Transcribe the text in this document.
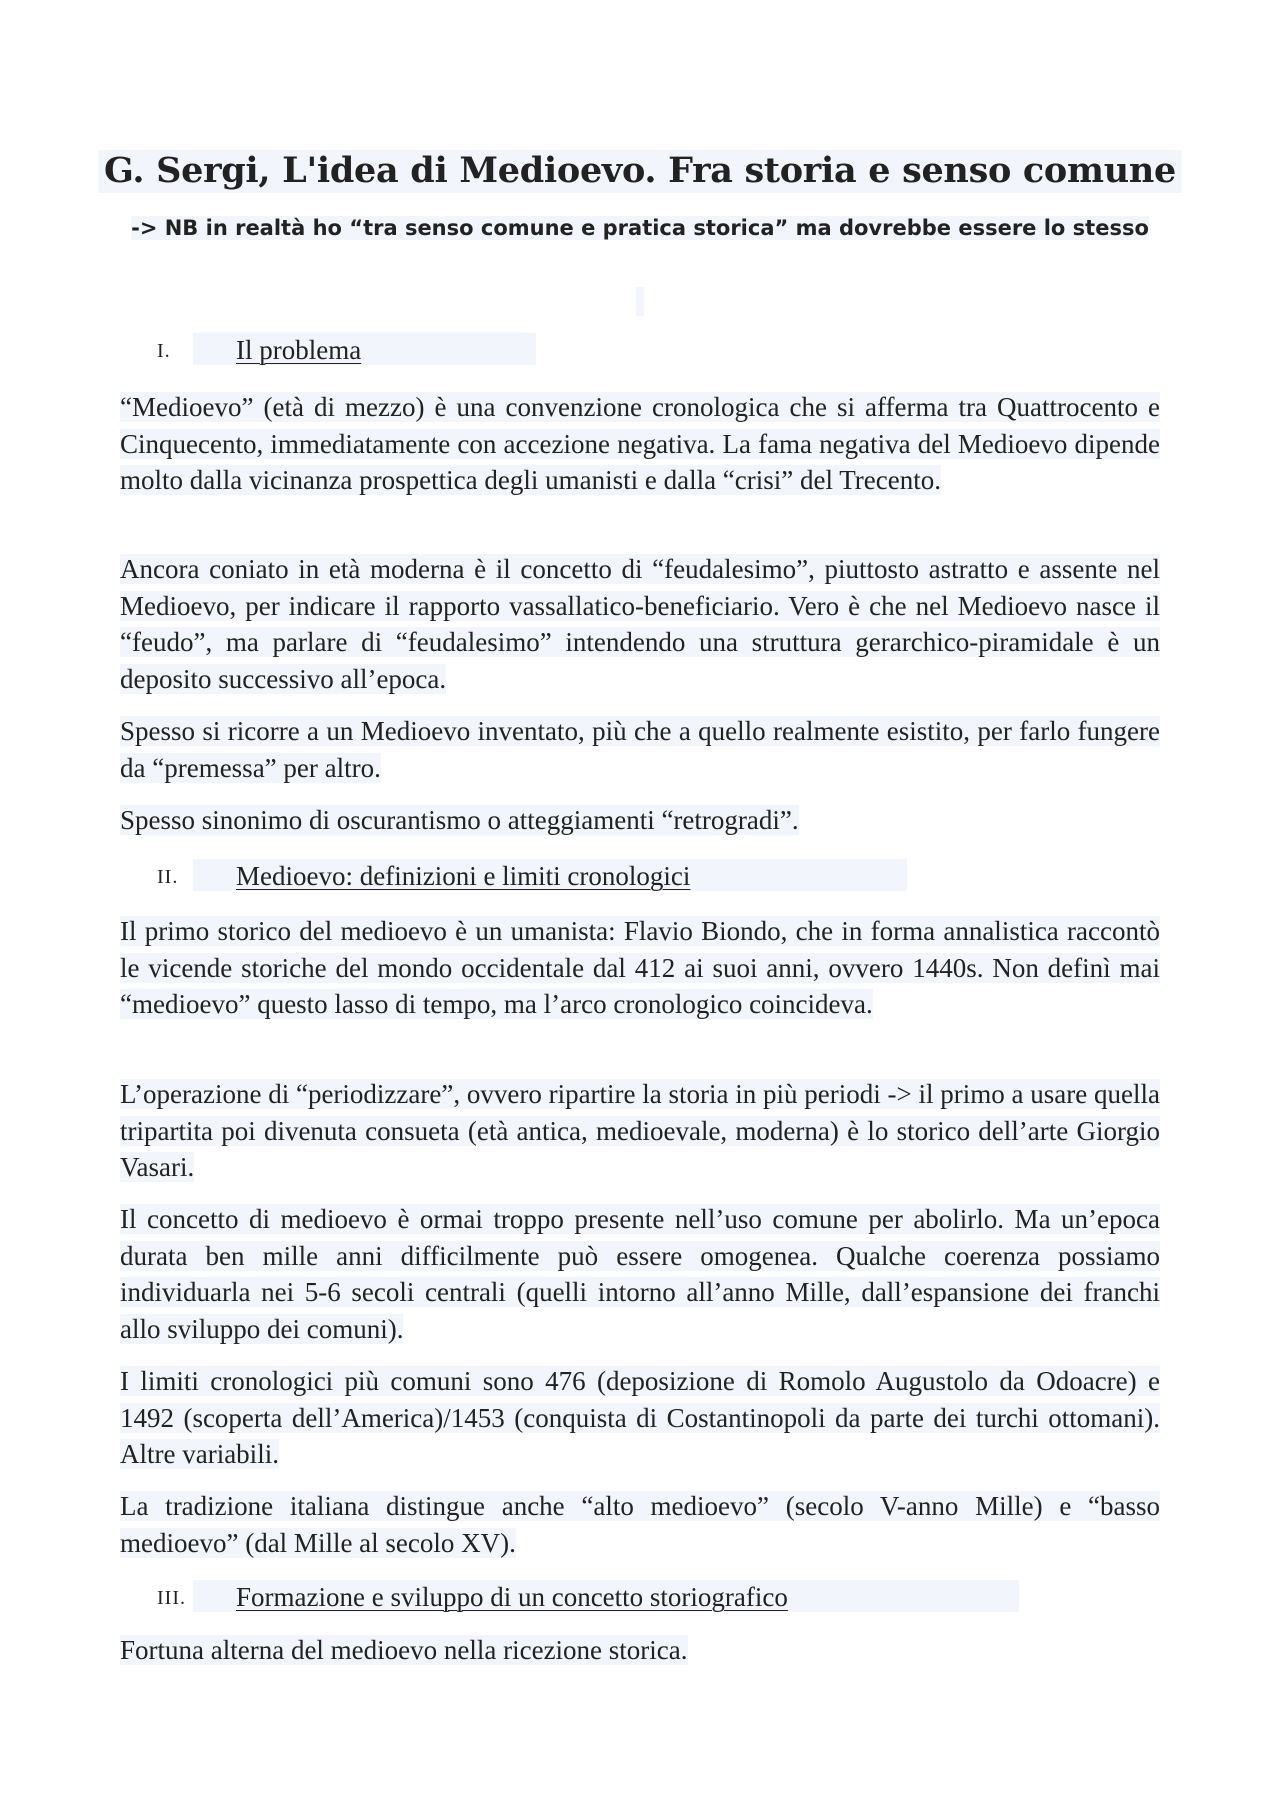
G. Sergi, L'idea di Medioevo. Fra storia e senso comune
-> NB in realtà ho “tra senso comune e pratica storica” ma dovrebbe essere lo stesso
I. Il problema
“Medioevo” (età di mezzo) è una convenzione cronologica che si afferma tra Quattrocento e Cinquecento, immediatamente con accezione negativa. La fama negativa del Medioevo dipende molto dalla vicinanza prospettica degli umanisti e dalla “crisi” del Trecento.
Ancora coniato in età moderna è il concetto di “feudalesimo”, piuttosto astratto e assente nel Medioevo, per indicare il rapporto vassallatico-beneficiario. Vero è che nel Medioevo nasce il “feudo”, ma parlare di “feudalesimo” intendendo una struttura gerarchico-piramidale è un deposito successivo all’epoca.
Spesso si ricorre a un Medioevo inventato, più che a quello realmente esistito, per farlo fungere da “premessa” per altro.
Spesso sinonimo di oscurantismo o atteggiamenti “retrogradi”.
II. Medioevo: definizioni e limiti cronologici
Il primo storico del medioevo è un umanista: Flavio Biondo, che in forma annalistica raccontò le vicende storiche del mondo occidentale dal 412 ai suoi anni, ovvero 1440s. Non definì mai “medioevo” questo lasso di tempo, ma l’arco cronologico coincideva.
L’operazione di “periodizzare”, ovvero ripartire la storia in più periodi -> il primo a usare quella tripartita poi divenuta consueta (età antica, medioevale, moderna) è lo storico dell’arte Giorgio Vasari.
Il concetto di medioevo è ormai troppo presente nell’uso comune per abolirlo. Ma un’epoca durata ben mille anni difficilmente può essere omogenea. Qualche coerenza possiamo individuarla nei 5-6 secoli centrali (quelli intorno all’anno Mille, dall’espansione dei franchi allo sviluppo dei comuni).
I limiti cronologici più comuni sono 476 (deposizione di Romolo Augustolo da Odoacre) e 1492 (scoperta dell’America)/1453 (conquista di Costantinopoli da parte dei turchi ottomani). Altre variabili.
La tradizione italiana distingue anche “alto medioevo” (secolo V-anno Mille) e “basso medioevo” (dal Mille al secolo XV).
III. Formazione e sviluppo di un concetto storiografico
Fortuna alterna del medioevo nella ricezione storica.
